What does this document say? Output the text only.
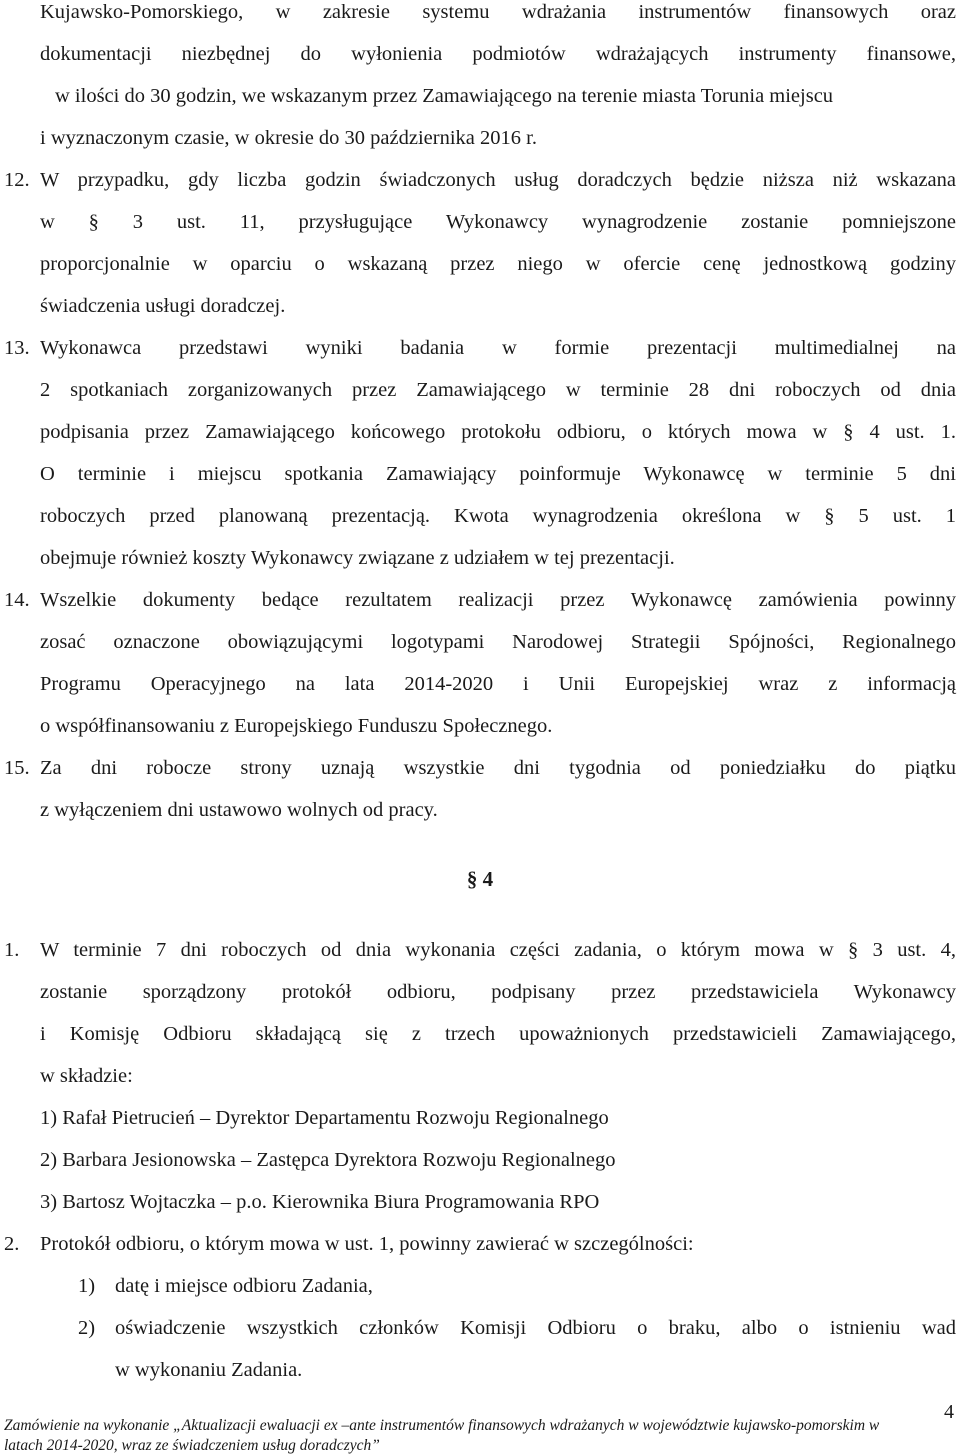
Kujawsko-Pomorskiego, w zakresie systemu wdrażania instrumentów finansowych oraz
dokumentacji niezbędnej do wyłonienia podmiotów wdrażających instrumenty finansowe,
w ilości do 30 godzin, we wskazanym przez Zamawiającego na terenie miasta Torunia miejscu
i wyznaczonym czasie, w okresie do 30 października 2016 r.
12. W przypadku, gdy liczba godzin świadczonych usług doradczych będzie niższa niż wskazana
w § 3 ust. 11, przysługujące Wykonawcy wynagrodzenie zostanie pomniejszone
proporcjonalnie w oparciu o wskazaną przez niego w ofercie cenę jednostkową godziny
świadczenia usługi doradczej.
13. Wykonawca przedstawi wyniki badania w formie prezentacji multimedialnej na
2 spotkaniach zorganizowanych przez Zamawiającego w terminie 28 dni roboczych od dnia
podpisania przez Zamawiającego końcowego protokołu odbioru, o których mowa w § 4 ust. 1.
O terminie i miejscu spotkania Zamawiający poinformuje Wykonawcę w terminie 5 dni
roboczych przed planowaną prezentacją. Kwota wynagrodzenia określona w § 5 ust. 1
obejmuje również koszty Wykonawcy związane z udziałem w tej prezentacji.
14. Wszelkie dokumenty bedące rezultatem realizacji przez Wykonawcę zamówienia powinny
zosać oznaczone obowiązującymi logotypami Narodowej Strategii Spójności, Regionalnego
Programu Operacyjnego na lata 2014-2020 i Unii Europejskiej wraz z informacją
o współfinansowaniu z Europejskiego Funduszu Społecznego.
15. Za dni robocze strony uznają wszystkie dni tygodnia od poniedziałku do piątku
z wyłączeniem dni ustawowo wolnych od pracy.
§ 4
1. W terminie 7 dni roboczych od dnia wykonania części zadania, o którym mowa w § 3 ust. 4,
zostanie sporządzony protokół odbioru, podpisany przez przedstawiciela Wykonawcy
i Komisję Odbioru składającą się z trzech upoważnionych przedstawicieli Zamawiającego,
w składzie:
1) Rafał Pietrucień – Dyrektor Departamentu Rozwoju Regionalnego
2) Barbara Jesionowska – Zastępca Dyrektora Rozwoju Regionalnego
3) Bartosz Wojtaczka – p.o. Kierownika Biura Programowania RPO
2. Protokół odbioru, o którym mowa w ust. 1, powinny zawierać w szczególności:
1) datę i miejsce odbioru Zadania,
2) oświadczenie wszystkich członków Komisji Odbioru o braku, albo o istnieniu wad
w wykonaniu Zadania.
4
Zamówienie na wykonanie „Aktualizacji ewaluacji ex –ante instrumentów finansowych wdrażanych w województwie kujawsko-pomorskim w
latach 2014-2020, wraz ze świadczeniem usług doradczych”
